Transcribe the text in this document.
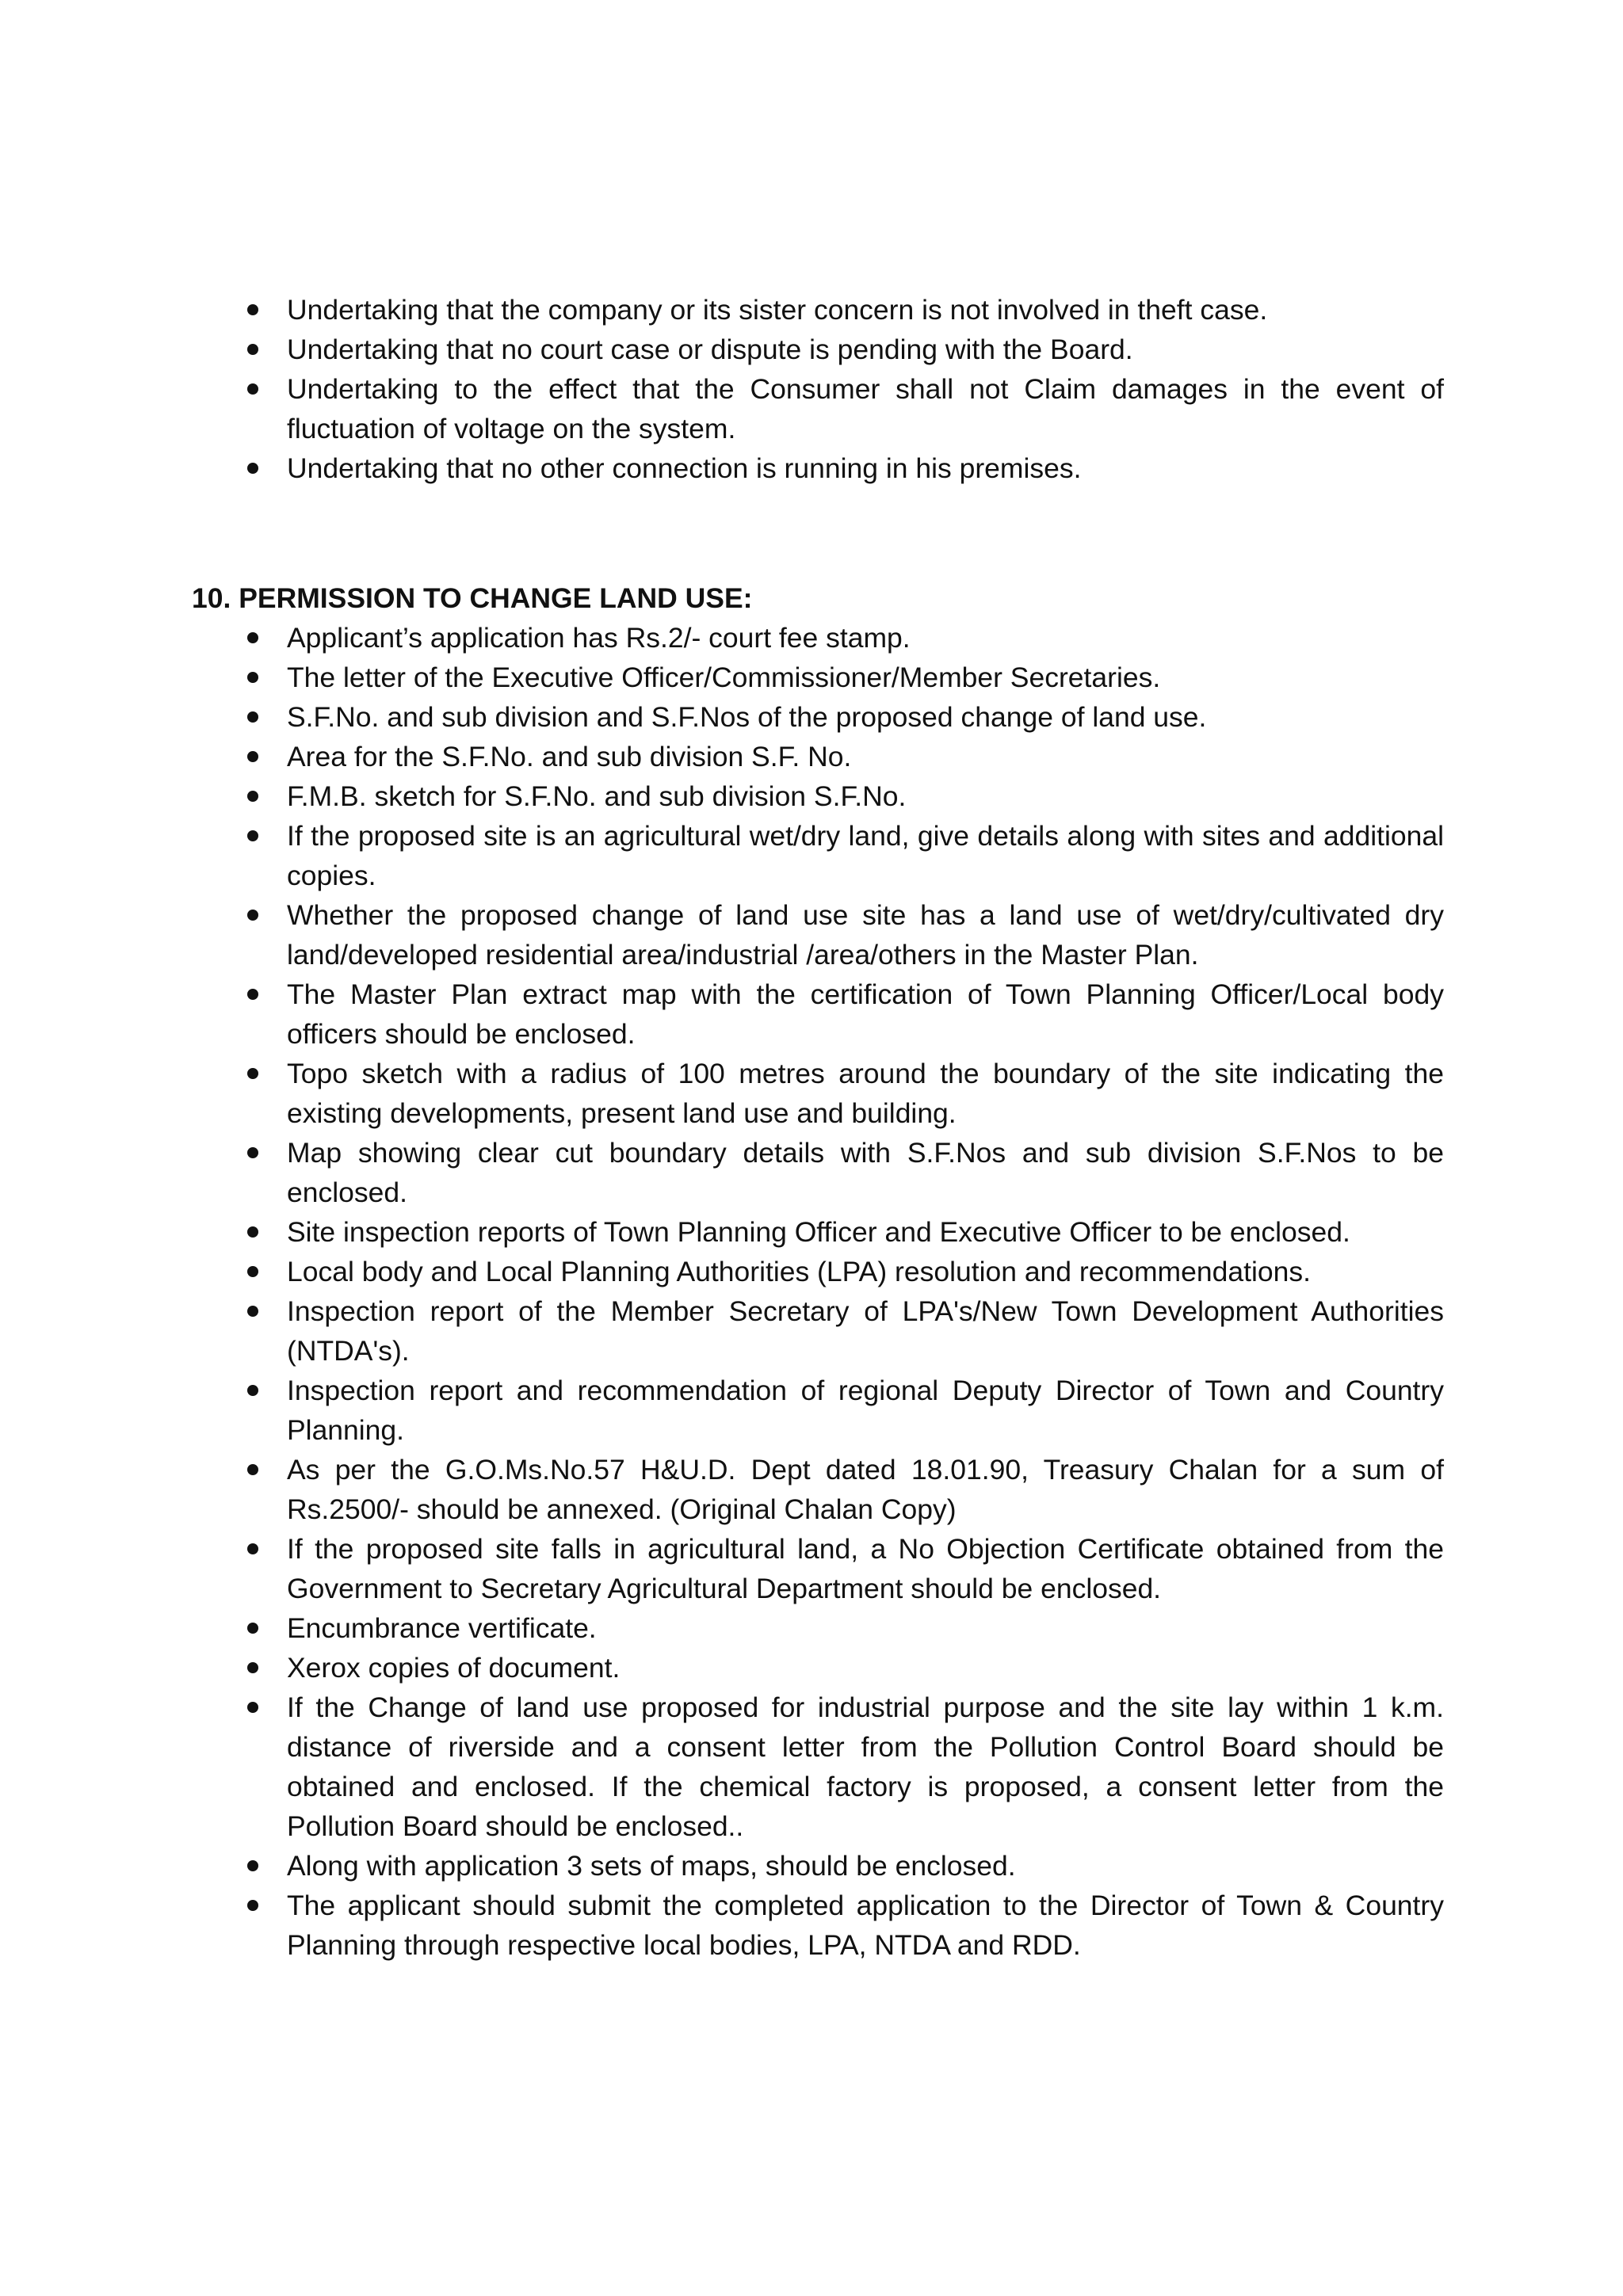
Undertaking that the company or its sister concern is not involved in theft case.
Undertaking that no court case or dispute is pending with the Board.
Undertaking to the effect that the Consumer shall not Claim damages in the event of fluctuation of voltage on the system.
Undertaking that no other connection is running in his premises.
10. PERMISSION TO CHANGE LAND USE:
Applicant’s application has Rs.2/- court fee stamp.
The letter of the Executive Officer/Commissioner/Member Secretaries.
S.F.No. and sub division and S.F.Nos of the proposed change of land use.
Area for the S.F.No. and sub division S.F. No.
F.M.B. sketch for S.F.No. and sub division S.F.No.
If the proposed site is an agricultural wet/dry land, give details along with sites and additional copies.
Whether the proposed change of land use site has a land use of wet/dry/cultivated dry land/developed residential area/industrial /area/others in the Master Plan.
The Master Plan extract map with the certification of Town Planning Officer/Local body officers should be enclosed.
Topo sketch with a radius of 100 metres around the boundary of the site indicating the existing developments, present land use and building.
Map showing clear cut boundary details with S.F.Nos and sub division S.F.Nos to be enclosed.
Site inspection reports of Town Planning Officer and Executive Officer to be enclosed.
Local body and Local Planning Authorities (LPA) resolution and recommendations.
Inspection report of the Member Secretary of LPA's/New Town Development Authorities (NTDA's).
Inspection report and recommendation of regional Deputy Director of Town and Country Planning.
As per the G.O.Ms.No.57 H&U.D. Dept dated 18.01.90, Treasury Chalan for a sum of Rs.2500/- should be annexed. (Original Chalan Copy)
If the proposed site falls in agricultural land, a No Objection Certificate obtained from the Government to Secretary Agricultural Department should be enclosed.
Encumbrance vertificate.
Xerox copies of document.
If the Change of land use proposed for industrial purpose and the site lay within 1 k.m. distance of riverside and a consent letter from the Pollution Control Board should be obtained and enclosed. If the chemical factory is proposed, a consent letter from the Pollution Board should be enclosed..
Along with application 3 sets of maps, should be enclosed.
The applicant should submit the completed application to the Director of Town & Country Planning through respective local bodies, LPA, NTDA and RDD.
